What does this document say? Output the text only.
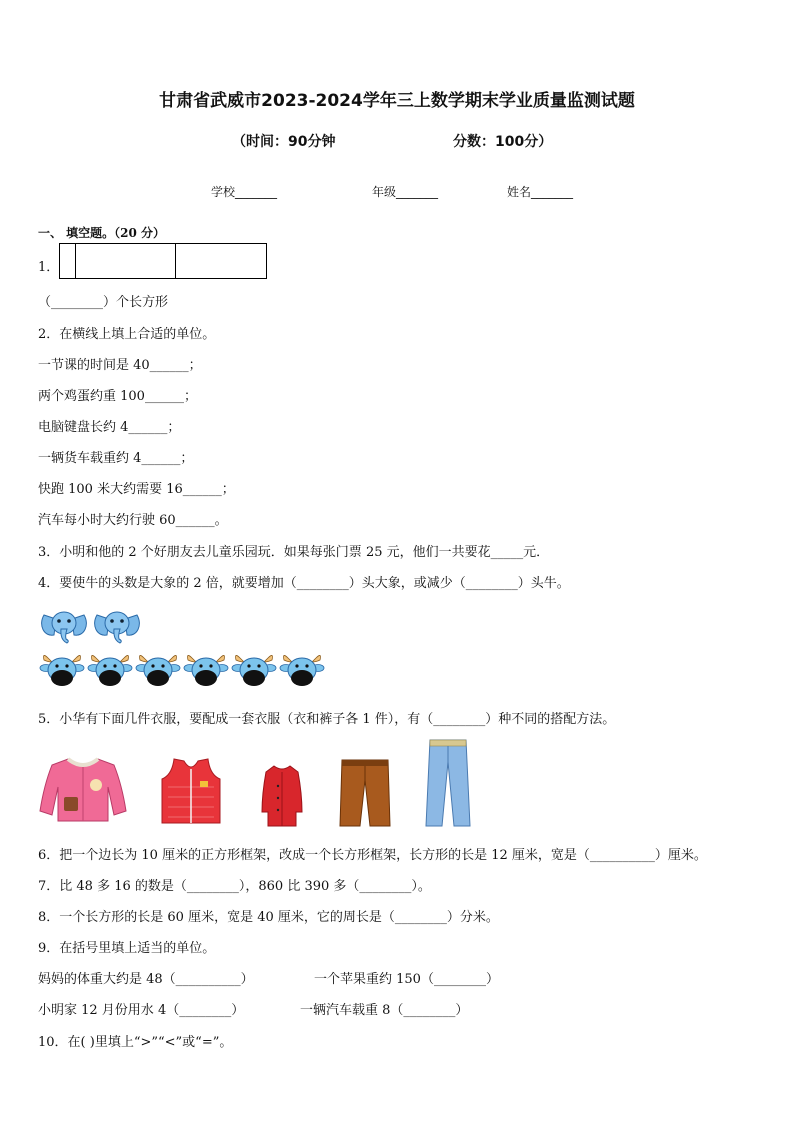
甘肃省武威市2023-2024学年三上数学期末学业质量监测试题
（时间：90分钟	分数：100分）
学校_______	年级_______	姓名_______
一、 填空题。（20 分）
1．
（________）个长方形
2．在横线上填上合适的单位。
一节课的时间是 40______；
两个鸡蛋约重 100______；
电脑键盘长约 4______；
一辆货车载重约 4______；
快跑 100 米大约需要 16______；
汽车每小时大约行驶 60______。
3．小明和他的 2 个好朋友去儿童乐园玩．如果每张门票 25 元，他们一共要花_____元．
4．要使牛的头数是大象的 2 倍，就要增加（________）头大象，或减少（________）头牛。
5．小华有下面几件衣服，要配成一套衣服（衣和裤子各 1 件），有（________）种不同的搭配方法。
6．把一个边长为 10 厘米的正方形框架，改成一个长方形框架，长方形的长是 12 厘米，宽是（__________）厘米。
7．比 48 多 16 的数是（________），860 比 390 多（________）。
8．一个长方形的长是 60 厘米，宽是 40 厘米，它的周长是（________）分米。
9．在括号里填上适当的单位。
妈妈的体重大约是 48（__________）	一个苹果重约 150（________）
小明家 12 月份用水 4（________）	一辆汽车载重 8（________）
10．在( )里填上“>”“<”或“=”。
